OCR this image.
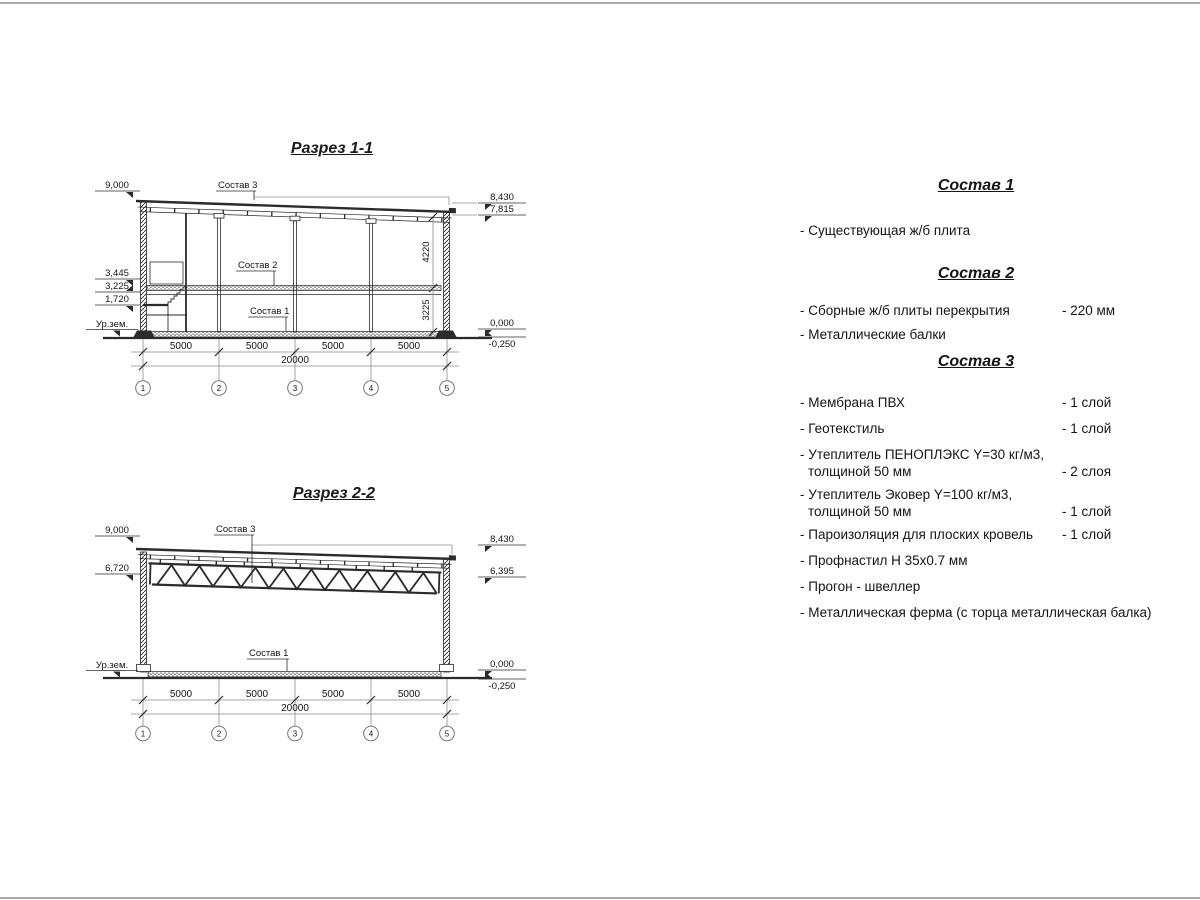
Разрез 1-1
Разрез 2-2
Состав 3
Состав 2
Состав 1
9,000
3,445
3,225
1,720
Ур.зем.
8,430
7,815
0,000
-0,250
4220
3225
5000	5000	5000	5000
20000
1	2	3	4	5
Состав 3
Состав 1
9,000
6,720
Ур.зем.
8,430
6,395
0,000
-0,250
5000	5000	5000	5000
20000
1	2	3	4	5
Состав 1
- Существующая ж/б плита
Состав 2
- Сборные ж/б плиты перекрытия	- 220 мм
- Металлические балки
Состав 3
- Мембрана ПВХ	- 1 слой
- Геотекстиль	- 1 слой
- Утеплитель ПЕНОПЛЭКС Y=30 кг/м3,
толщиной 50 мм	- 2 слоя
- Утеплитель Эковер Y=100 кг/м3,
толщиной 50 мм	- 1 слой
- Пароизоляция для плоских кровель	- 1 слой
- Профнастил Н 35х0.7 мм
- Прогон - швеллер
- Металлическая ферма (с торца металлическая балка)
